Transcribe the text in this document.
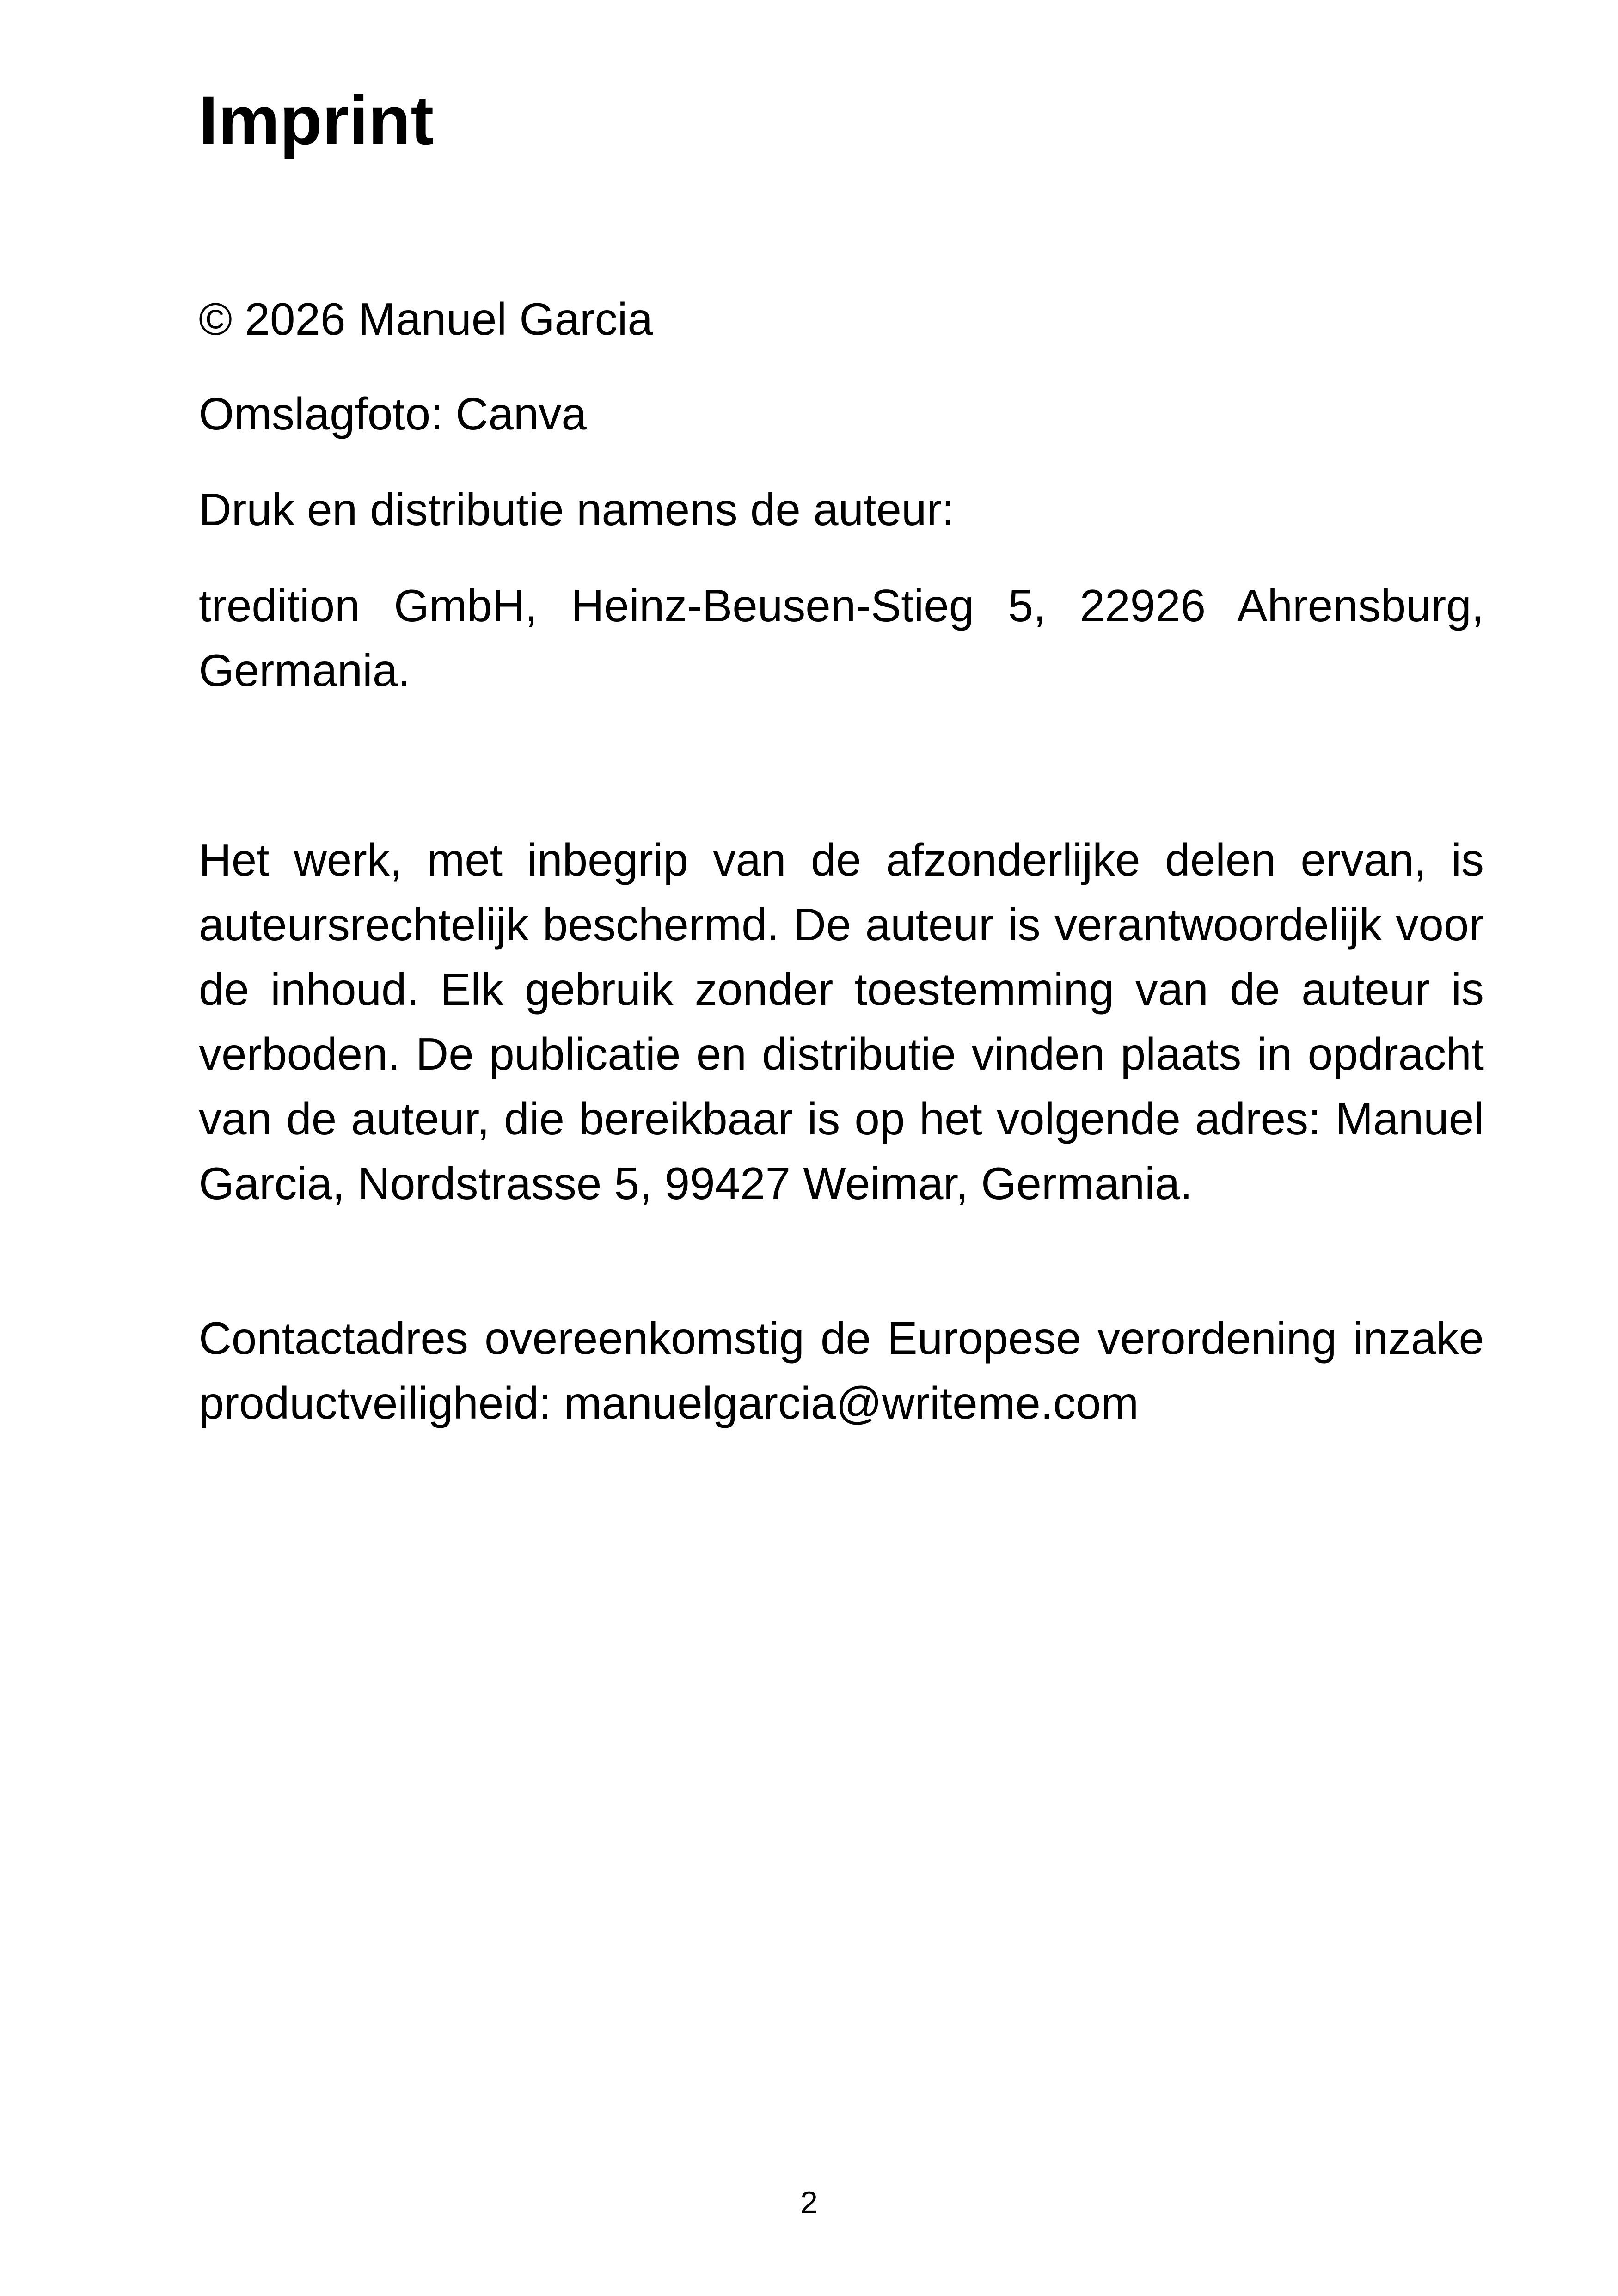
Imprint

© 2026 Manuel Garcia

Omslagfoto: Canva

Druk en distributie namens de auteur:

tredition GmbH, Heinz-Beusen-Stieg 5, 22926 Ahrensburg, Germania.

Het werk, met inbegrip van de afzonderlijke delen ervan, is auteursrechtelijk beschermd. De auteur is verantwoordelijk voor de inhoud. Elk gebruik zonder toestemming van de auteur is verboden. De publicatie en distributie vinden plaats in opdracht van de auteur, die bereikbaar is op het volgende adres: Manuel Garcia, Nordstrasse 5, 99427 Weimar, Germania.

Contactadres overeenkomstig de Europese verordening inzake productveiligheid: manuelgarcia@writeme.com

2
